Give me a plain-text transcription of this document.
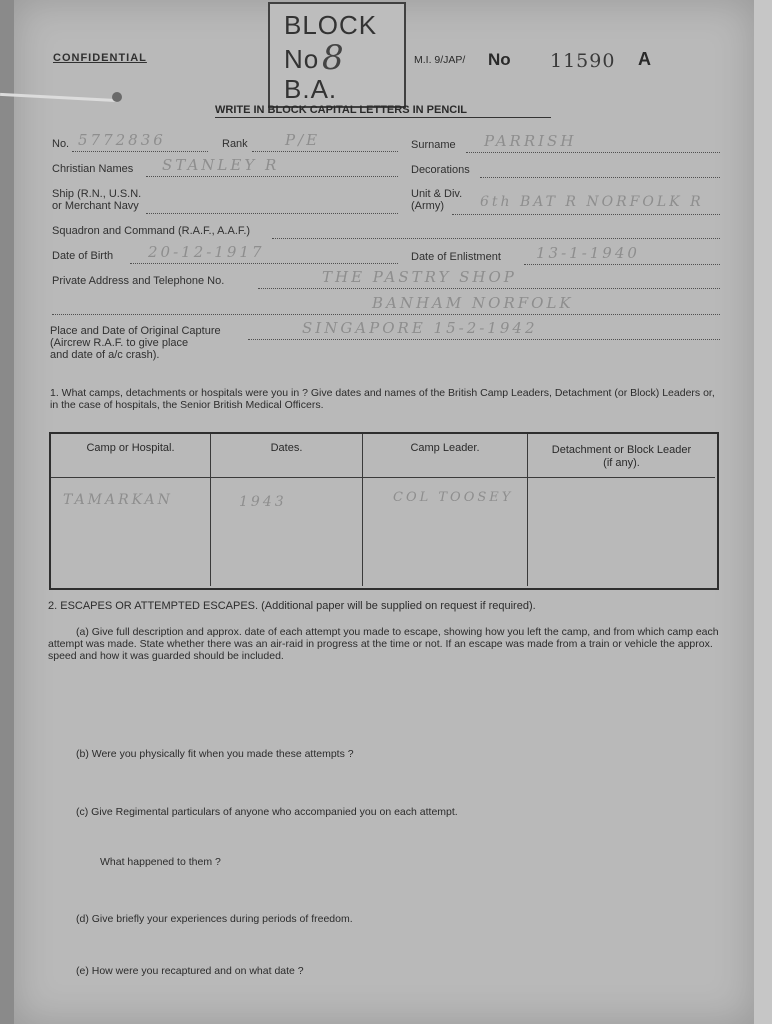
CONFIDENTIAL
BLOCK
No 8
B.A.
M.I. 9/JAP/ No 11590 A
WRITE IN BLOCK CAPITAL LETTERS IN PENCIL
No. 5772836	Rank P/E	Surname PARRISH
Christian Names STANLEY R	Decorations
Ship (R.N., U.S.N.
or Merchant Navy
Unit & Div.
(Army)	6th BAT R NORFOLK R
Squadron and Command (R.A.F., A.A.F.)
Date of Birth 20-12-1917	Date of Enlistment 13-1-1940
Private Address and Telephone No.	THE PASTRY SHOP
BANHAM NORFOLK
Place and Date of Original Capture
(Aircrew R.A.F. to give place
and date of a/c crash).
SINGAPORE 15-2-1942
1. What camps, detachments or hospitals were you in ? Give dates and names of the British Camp Leaders, Detachment (or Block) Leaders or, in the case of hospitals, the Senior British Medical Officers.
Camp or Hospital.	Dates.	Camp Leader.	Detachment or Block Leader (if any).
TAMARKAN	1943	COL TOOSEY
2. ESCAPES OR ATTEMPTED ESCAPES. (Additional paper will be supplied on request if required).
(a) Give full description and approx. date of each attempt you made to escape, showing how you left the camp, and from which camp each attempt was made. State whether there was an air-raid in progress at the time or not. If an escape was made from a train or vehicle the approx. speed and how it was guarded should be included.
(b) Were you physically fit when you made these attempts ?
(c) Give Regimental particulars of anyone who accompanied you on each attempt.
What happened to them ?
(d) Give briefly your experiences during periods of freedom.
(e) How were you recaptured and on what date ?
